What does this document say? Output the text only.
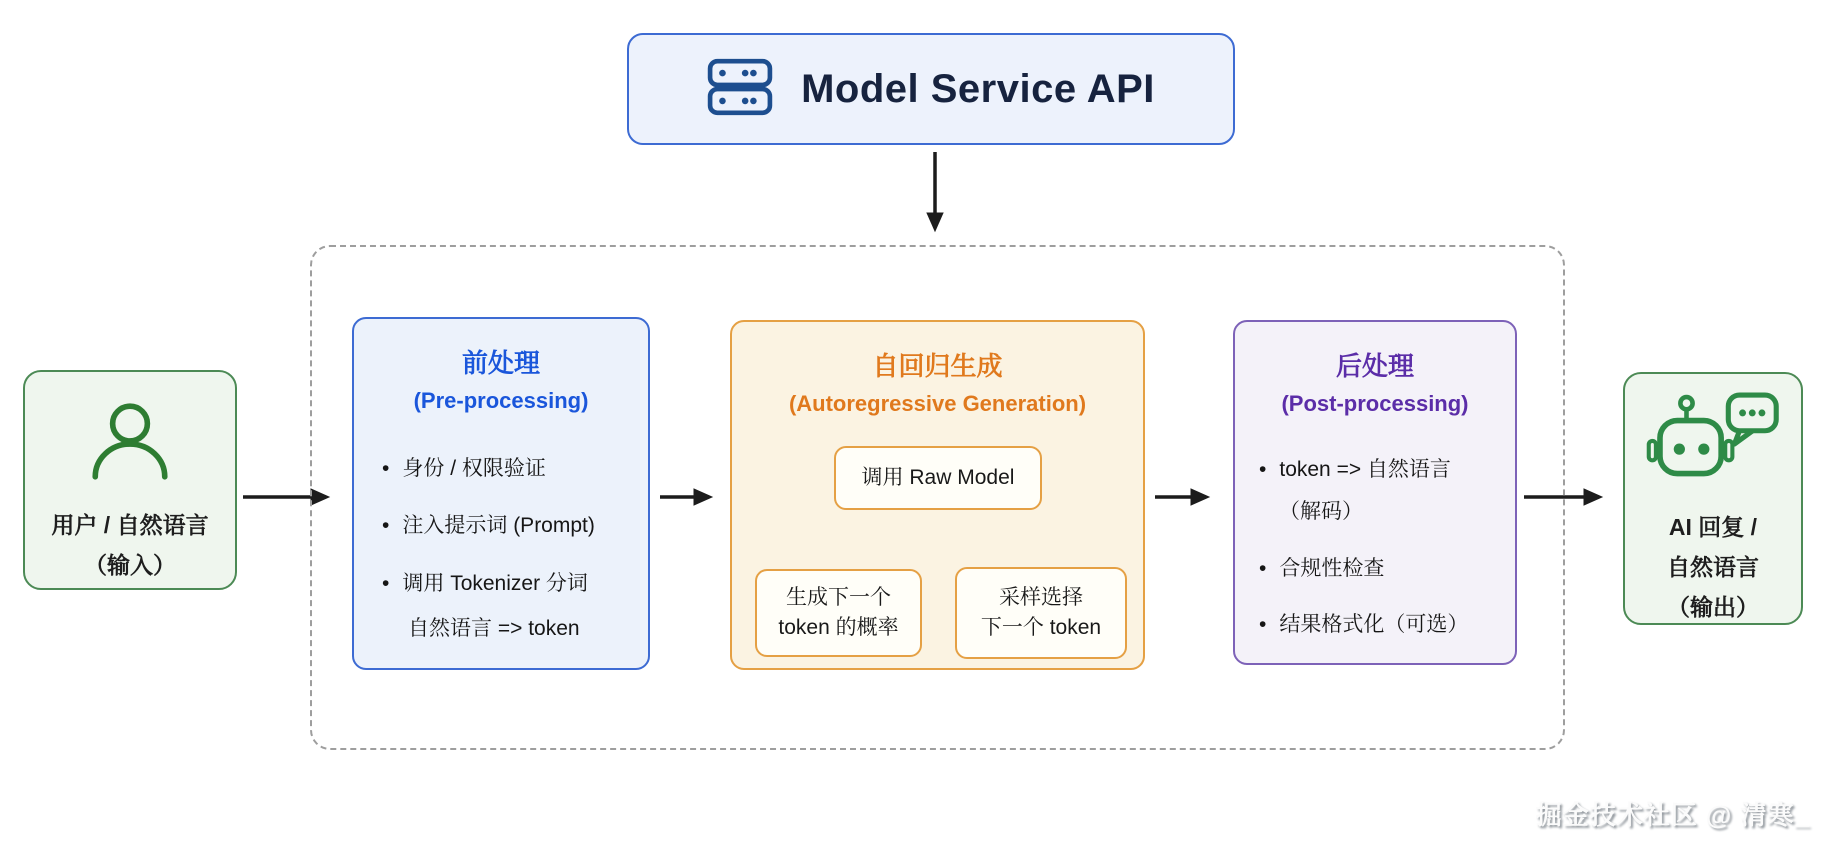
Model Service API
用户 / 自然语言
（输入）
前处理
(Pre-processing)
• 身份 / 权限验证
• 注入提示词 (Prompt)
• 调用 Tokenizer 分词
自然语言 => token
自回归生成
(Autoregressive Generation)
调用 Raw Model
生成下一个
token 的概率
采样选择
下一个 token
后处理
(Post-processing)
• token => 自然语言
（解码）
• 合规性检查
• 结果格式化（可选）
AI 回复 /
自然语言
（输出）
掘金技术社区 @ 清寒_
